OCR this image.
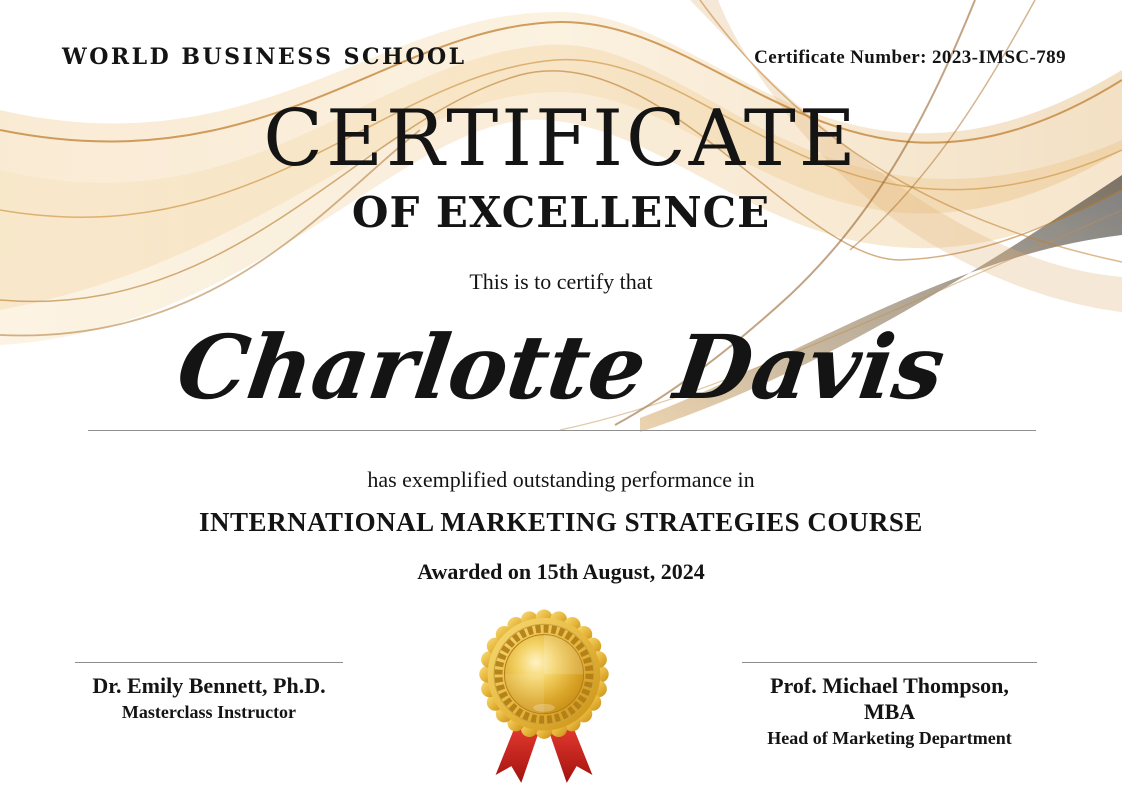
WORLD BUSINESS SCHOOL	Certificate Number: 2023-IMSC-789
CERTIFICATE
OF EXCELLENCE
This is to certify that
Charlotte Davis
has exemplified outstanding performance in
INTERNATIONAL MARKETING STRATEGIES COURSE
Awarded on 15th August, 2024
Dr. Emily Bennett, Ph.D.
Masterclass Instructor
Prof. Michael Thompson, MBA
Head of Marketing Department
